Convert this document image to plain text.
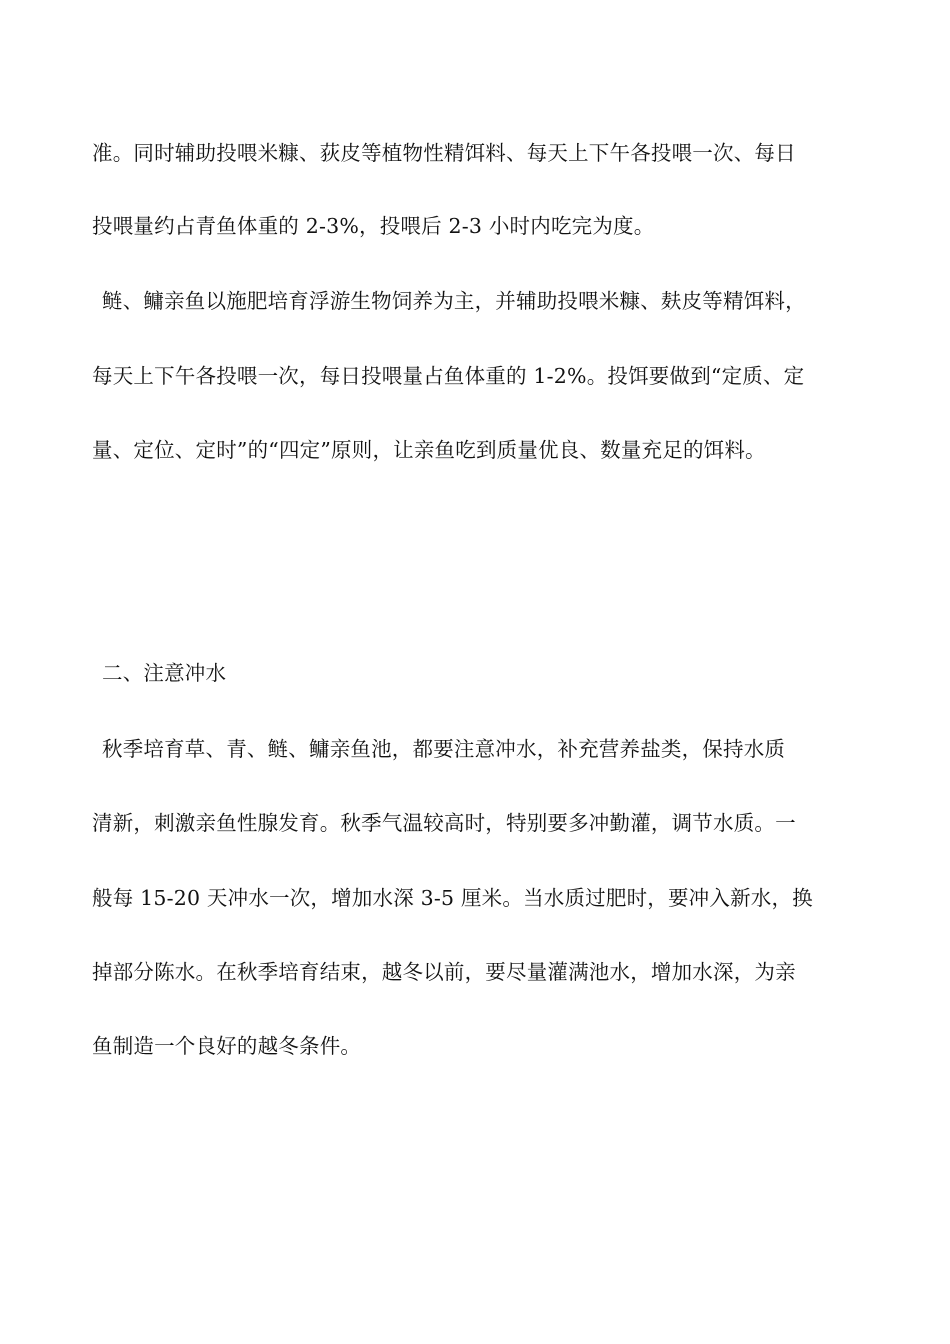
准。同时辅助投喂米糠、荻皮等植物性精饵料、每天上下午各投喂一次、每日
投喂量约占青鱼体重的 2-3%，投喂后 2-3 小时内吃完为度。
鲢、鳙亲鱼以施肥培育浮游生物饲养为主，并辅助投喂米糠、麸皮等精饵料，
每天上下午各投喂一次，每日投喂量占鱼体重的 1-2%。投饵要做到“定质、定
量、定位、定时”的“四定”原则，让亲鱼吃到质量优良、数量充足的饵料。
二、注意冲水
秋季培育草、青、鲢、鳙亲鱼池，都要注意冲水，补充营养盐类，保持水质
清新，刺激亲鱼性腺发育。秋季气温较高时，特别要多冲勤灌，调节水质。一
般每 15-20 天冲水一次，增加水深 3-5 厘米。当水质过肥时，要冲入新水，换
掉部分陈水。在秋季培育结束，越冬以前，要尽量灌满池水，增加水深，为亲
鱼制造一个良好的越冬条件。
